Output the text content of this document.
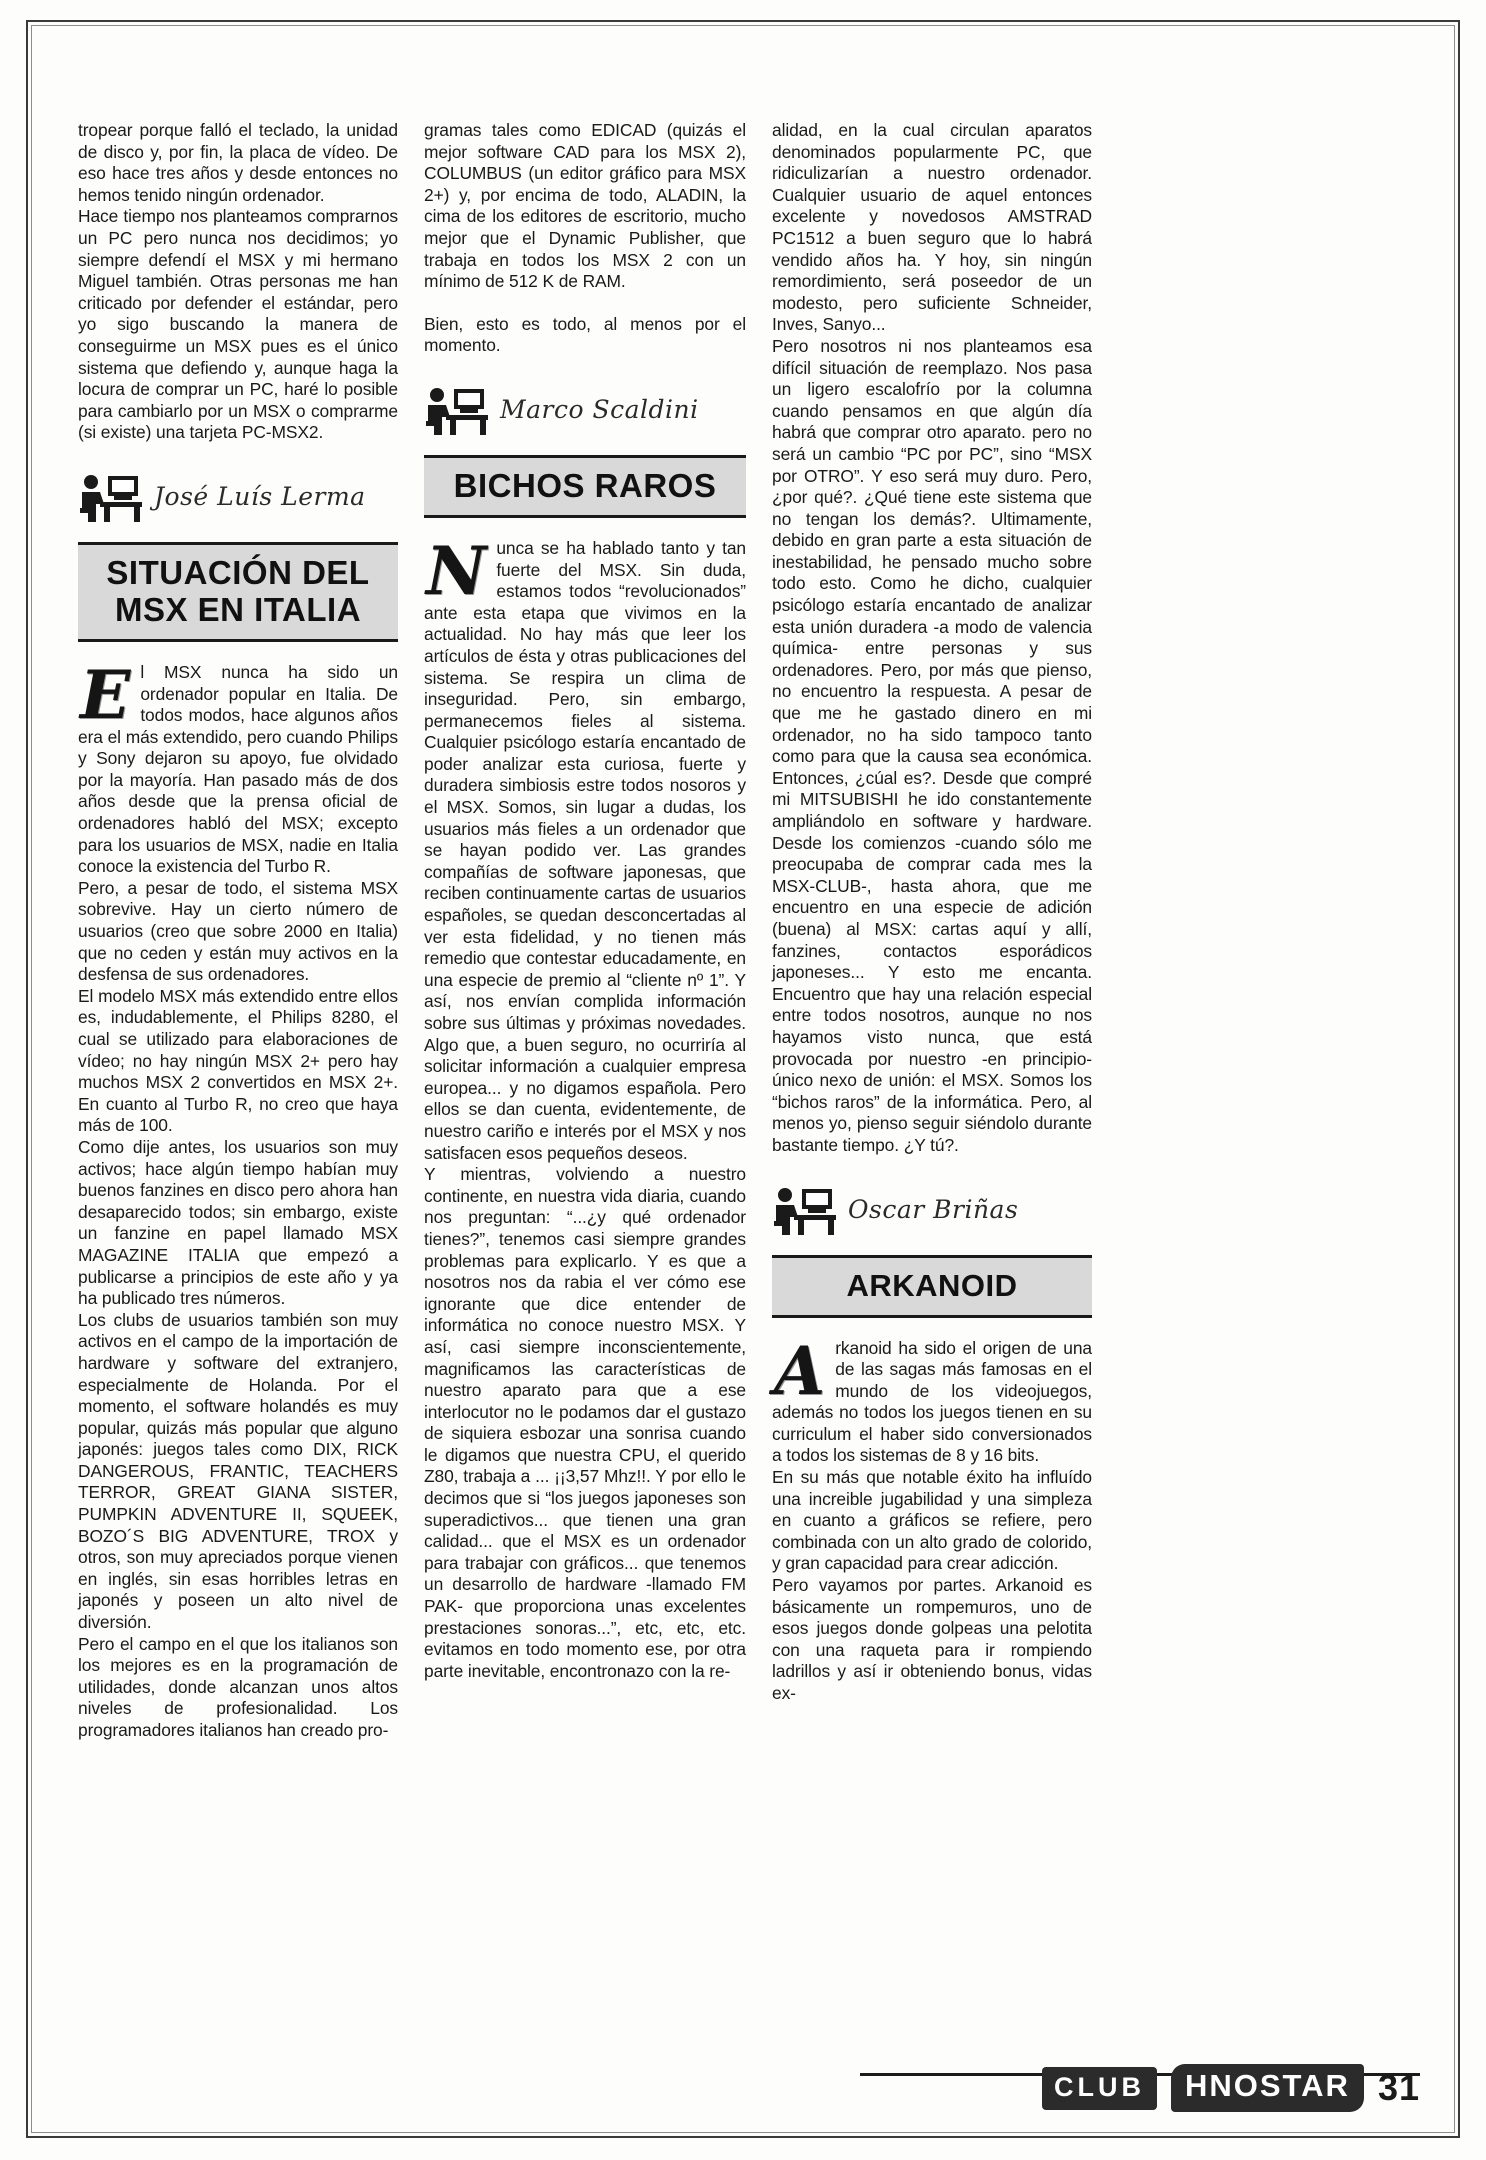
tropear porque falló el teclado, la unidad de disco y, por fin, la placa de vídeo. De eso hace tres años y desde entonces no hemos tenido ningún ordenador.

Hace tiempo nos planteamos comprarnos un PC pero nunca nos decidimos; yo siempre defendí el MSX y mi hermano Miguel también. Otras personas me han criticado por defender el estándar, pero yo sigo buscando la manera de conseguirme un MSX pues es el único sistema que defiendo y, aunque haga la locura de comprar un PC, haré lo posible para cambiarlo por un MSX o comprarme (si existe) una tarjeta PC-MSX2.

José Luís Lerma
SITUACIÓN DEL MSX EN ITALIA
E l MSX nunca ha sido un ordenador popular en Italia. De todos modos, hace algunos años era el más extendido, pero cuando Philips y Sony dejaron su apoyo, fue olvidado por la mayoría. Han pasado más de dos años desde que la prensa oficial de ordenadores habló del MSX; excepto para los usuarios de MSX, nadie en Italia conoce la existencia del Turbo R.

Pero, a pesar de todo, el sistema MSX sobrevive. Hay un cierto número de usuarios (creo que sobre 2000 en Italia) que no ceden y están muy activos en la desfensa de sus ordenadores.

El modelo MSX más extendido entre ellos es, indudablemente, el Philips 8280, el cual se utilizado para elaboraciones de vídeo; no hay ningún MSX 2+ pero hay muchos MSX 2 convertidos en MSX 2+. En cuanto al Turbo R, no creo que haya más de 100.

Como dije antes, los usuarios son muy activos; hace algún tiempo habían muy buenos fanzines en disco pero ahora han desaparecido todos; sin embargo, existe un fanzine en papel llamado MSX MAGAZINE ITALIA que empezó a publicarse a principios de este año y ya ha publicado tres números.

Los clubs de usuarios también son muy activos en el campo de la importación de hardware y software del extranjero, especialmente de Holanda. Por el momento, el software holandés es muy popular, quizás más popular que alguno japonés: juegos tales como DIX, RICK DANGEROUS, FRANTIC, TEACHERS TERROR, GREAT GIANA SISTER, PUMPKIN ADVENTURE II, SQUEEK, BOZO´S BIG ADVENTURE, TROX y otros, son muy apreciados porque vienen en inglés, sin esas horribles letras en japonés y poseen un alto nivel de diversión.

Pero el campo en el que los italianos son los mejores es en la programación de utilidades, donde alcanzan unos altos niveles de profesionalidad. Los programadores italianos han creado pro-

gramas tales como EDICAD (quizás el mejor software CAD para los MSX 2), COLUMBUS (un editor gráfico para MSX 2+) y, por encima de todo, ALADIN, la cima de los editores de escritorio, mucho mejor que el Dynamic Publisher, que trabaja en todos los MSX 2 con un mínimo de 512 K de RAM.

Bien, esto es todo, al menos por el momento.

Marco Scaldini
BICHOS RAROS
N unca se ha hablado tanto y tan fuerte del MSX. Sin duda, estamos todos “revolucionados” ante esta etapa que vivimos en la actualidad. No hay más que leer los artículos de ésta y otras publicaciones del sistema. Se respira un clima de inseguridad. Pero, sin embargo, permanecemos fieles al sistema. Cualquier psicólogo estaría encantado de poder analizar esta curiosa, fuerte y duradera simbiosis estre todos nosoros y el MSX. Somos, sin lugar a dudas, los usuarios más fieles a un ordenador que se hayan podido ver. Las grandes compañías de software japonesas, que reciben continuamente cartas de usuarios españoles, se quedan desconcertadas al ver esta fidelidad, y no tienen más remedio que contestar educadamente, en una especie de premio al “cliente nº 1”. Y así, nos envían complida información sobre sus últimas y próximas novedades. Algo que, a buen seguro, no ocurriría al solicitar información a cualquier empresa europea... y no digamos española. Pero ellos se dan cuenta, evidentemente, de nuestro cariño e interés por el MSX y nos satisfacen esos pequeños deseos.

Y mientras, volviendo a nuestro continente, en nuestra vida diaria, cuando nos preguntan: “...¿y qué ordenador tienes?”, tenemos casi siempre grandes problemas para explicarlo. Y es que a nosotros nos da rabia el ver cómo ese ignorante que dice entender de informática no conoce nuestro MSX. Y así, casi siempre inconscientemente, magnificamos las características de nuestro aparato para que a ese interlocutor no le podamos dar el gustazo de siquiera esbozar una sonrisa cuando le digamos que nuestra CPU, el querido Z80, trabaja a ... ¡¡3,57 Mhz!!. Y por ello le decimos que si “los juegos japoneses son superadictivos... que tienen una gran calidad... que el MSX es un ordenador para trabajar con gráficos... que tenemos un desarrollo de hardware -llamado FM PAK- que proporciona unas excelentes prestaciones sonoras...”, etc, etc, etc. evitamos en todo momento ese, por otra parte inevitable, encontronazo con la re-

alidad, en la cual circulan aparatos denominados popularmente PC, que ridiculizarían a nuestro ordenador. Cualquier usuario de aquel entonces excelente y novedosos AMSTRAD PC1512 a buen seguro que lo habrá vendido años ha. Y hoy, sin ningún remordimiento, será poseedor de un modesto, pero suficiente Schneider, Inves, Sanyo...

Pero nosotros ni nos planteamos esa difícil situación de reemplazo. Nos pasa un ligero escalofrío por la columna cuando pensamos en que algún día habrá que comprar otro aparato. pero no será un cambio “PC por PC”, sino “MSX por OTRO”. Y eso será muy duro. Pero, ¿por qué?. ¿Qué tiene este sistema que no tengan los demás?. Ultimamente, debido en gran parte a esta situación de inestabilidad, he pensado mucho sobre todo esto. Como he dicho, cualquier psicólogo estaría encantado de analizar esta unión duradera -a modo de valencia química- entre personas y sus ordenadores. Pero, por más que pienso, no encuentro la respuesta. A pesar de que me he gastado dinero en mi ordenador, no ha sido tampoco tanto como para que la causa sea económica. Entonces, ¿cúal es?. Desde que compré mi MITSUBISHI he ido constantemente ampliándolo en software y hardware. Desde los comienzos -cuando sólo me preocupaba de comprar cada mes la MSX-CLUB-, hasta ahora, que me encuentro en una especie de adición (buena) al MSX: cartas aquí y allí, fanzines, contactos esporádicos japoneses... Y esto me encanta. Encuentro que hay una relación especial entre todos nosotros, aunque no nos hayamos visto nunca, que está provocada por nuestro -en principio- único nexo de unión: el MSX. Somos los “bichos raros” de la informática. Pero, al menos yo, pienso seguir siéndolo durante bastante tiempo. ¿Y tú?.

Oscar Briñas
ARKANOID
A rkanoid ha sido el origen de una de las sagas más famosas en el mundo de los videojuegos, además no todos los juegos tienen en su curriculum el haber sido conversionados a todos los sistemas de 8 y 16 bits.

En su más que notable éxito ha influído una increible jugabilidad y una simpleza en cuanto a gráficos se refiere, pero combinada con un alto grado de colorido, y gran capacidad para crear adicción.

Pero vayamos por partes. Arkanoid es básicamente un rompemuros, uno de esos juegos donde golpeas una pelotita con una raqueta para ir rompiendo ladrillos y así ir obteniendo bonus, vidas ex-

CLUB	HNOSTAR 31
